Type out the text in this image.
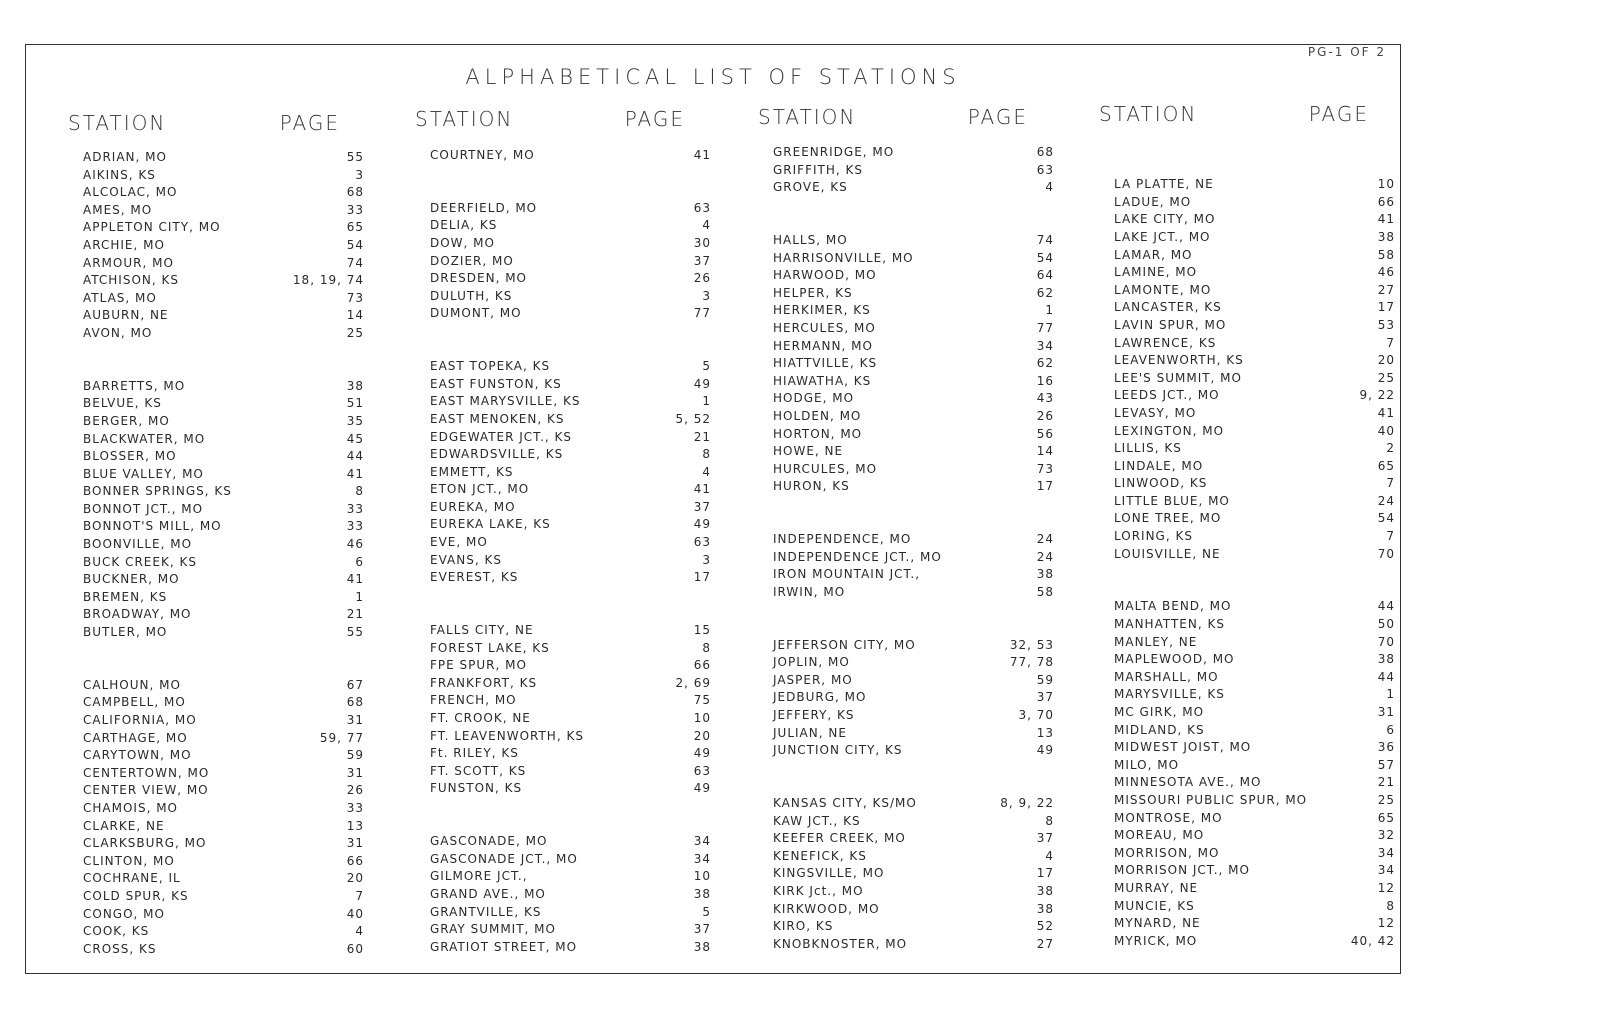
PG-1 OF 2
ALPHABETICAL LIST OF STATIONS
STATION	PAGE
ADRIAN, MO	55
AIKINS, KS	3
ALCOLAC, MO	68
AMES, MO	33
APPLETON CITY, MO	65
ARCHIE, MO	54
ARMOUR, MO	74
ATCHISON, KS	18, 19, 74
ATLAS, MO	73
AUBURN, NE	14
AVON, MO	25
BARRETTS, MO	38
BELVUE, KS	51
BERGER, MO	35
BLACKWATER, MO	45
BLOSSER, MO	44
BLUE VALLEY, MO	41
BONNER SPRINGS, KS	8
BONNOT JCT., MO	33
BONNOT'S MILL, MO	33
BOONVILLE, MO	46
BUCK CREEK, KS	6
BUCKNER, MO	41
BREMEN, KS	1
BROADWAY, MO	21
BUTLER, MO	55
CALHOUN, MO	67
CAMPBELL, MO	68
CALIFORNIA, MO	31
CARTHAGE, MO	59, 77
CARYTOWN, MO	59
CENTERTOWN, MO	31
CENTER VIEW, MO	26
CHAMOIS, MO	33
CLARKE, NE	13
CLARKSBURG, MO	31
CLINTON, MO	66
COCHRANE, IL	20
COLD SPUR, KS	7
CONGO, MO	40
COOK, KS	4
CROSS, KS	60
STATION	PAGE
COURTNEY, MO	41
DEERFIELD, MO	63
DELIA, KS	4
DOW, MO	30
DOZIER, MO	37
DRESDEN, MO	26
DULUTH, KS	3
DUMONT, MO	77
EAST TOPEKA, KS	5
EAST FUNSTON, KS	49
EAST MARYSVILLE, KS	1
EAST MENOKEN, KS	5, 52
EDGEWATER JCT., KS	21
EDWARDSVILLE, KS	8
EMMETT, KS	4
ETON JCT., MO	41
EUREKA, MO	37
EUREKA LAKE, KS	49
EVE, MO	63
EVANS, KS	3
EVEREST, KS	17
FALLS CITY, NE	15
FOREST LAKE, KS	8
FPE SPUR, MO	66
FRANKFORT, KS	2, 69
FRENCH, MO	75
FT. CROOK, NE	10
FT. LEAVENWORTH, KS	20
Ft. RILEY, KS	49
FT. SCOTT, KS	63
FUNSTON, KS	49
GASCONADE, MO	34
GASCONADE JCT., MO	34
GILMORE JCT.,	10
GRAND AVE., MO	38
GRANTVILLE, KS	5
GRAY SUMMIT, MO	37
GRATIOT STREET, MO	38
STATION	PAGE
GREENRIDGE, MO	68
GRIFFITH, KS	63
GROVE, KS	4
HALLS, MO	74
HARRISONVILLE, MO	54
HARWOOD, MO	64
HELPER, KS	62
HERKIMER, KS	1
HERCULES, MO	77
HERMANN, MO	34
HIATTVILLE, KS	62
HIAWATHA, KS	16
HODGE, MO	43
HOLDEN, MO	26
HORTON, MO	56
HOWE, NE	14
HURCULES, MO	73
HURON, KS	17
INDEPENDENCE, MO	24
INDEPENDENCE JCT., MO	24
IRON MOUNTAIN JCT.,	38
IRWIN, MO	58
JEFFERSON CITY, MO	32, 53
JOPLIN, MO	77, 78
JASPER, MO	59
JEDBURG, MO	37
JEFFERY, KS	3, 70
JULIAN, NE	13
JUNCTION CITY, KS	49
KANSAS CITY, KS/MO	8, 9, 22
KAW JCT., KS	8
KEEFER CREEK, MO	37
KENEFICK, KS	4
KINGSVILLE, MO	17
KIRK Jct., MO	38
KIRKWOOD, MO	38
KIRO, KS	52
KNOBKNOSTER, MO	27
STATION	PAGE
LA PLATTE, NE	10
LADUE, MO	66
LAKE CITY, MO	41
LAKE JCT., MO	38
LAMAR, MO	58
LAMINE, MO	46
LAMONTE, MO	27
LANCASTER, KS	17
LAVIN SPUR, MO	53
LAWRENCE, KS	7
LEAVENWORTH, KS	20
LEE'S SUMMIT, MO	25
LEEDS JCT., MO	9, 22
LEVASY, MO	41
LEXINGTON, MO	40
LILLIS, KS	2
LINDALE, MO	65
LINWOOD, KS	7
LITTLE BLUE, MO	24
LONE TREE, MO	54
LORING, KS	7
LOUISVILLE, NE	70
MALTA BEND, MO	44
MANHATTEN, KS	50
MANLEY, NE	70
MAPLEWOOD, MO	38
MARSHALL, MO	44
MARYSVILLE, KS	1
MC GIRK, MO	31
MIDLAND, KS	6
MIDWEST JOIST, MO	36
MILO, MO	57
MINNESOTA AVE., MO	21
MISSOURI PUBLIC SPUR, MO	25
MONTROSE, MO	65
MOREAU, MO	32
MORRISON, MO	34
MORRISON JCT., MO	34
MURRAY, NE	12
MUNCIE, KS	8
MYNARD, NE	12
MYRICK, MO	40, 42
